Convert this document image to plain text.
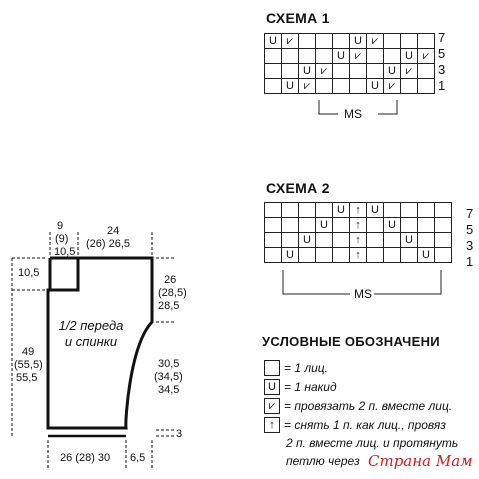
СХЕМА 1
U	⩗				U	⩗			
				U	⩗			U	⩗
		U	⩗				U	⩗	
	U	⩗				U	⩗		
7
5
3
1
MS
СХЕМА 2
				U	↑	U				
			U		↑		U			
		U			↑			U		
	U				↑				U	
7
5
3
1
MS
УСЛОВНЫЕ ОБОЗНАЧЕНИ
= 1 лиц.
U = 1 накид
⩗ = провязать 2 п. вместе лиц.
↑ = снять 1 п. как лиц., провяз
2 п. вместе лиц. и протянуть
петлю через Страна Мам
1/2 переда
и спинки
9
(9)
10,5
24
(26) 26,5
10,5
26
(28,5)
28,5
49
(55,5)
55,5
30,5
(34,5)
34,5
3
26 (28) 30 6,5
